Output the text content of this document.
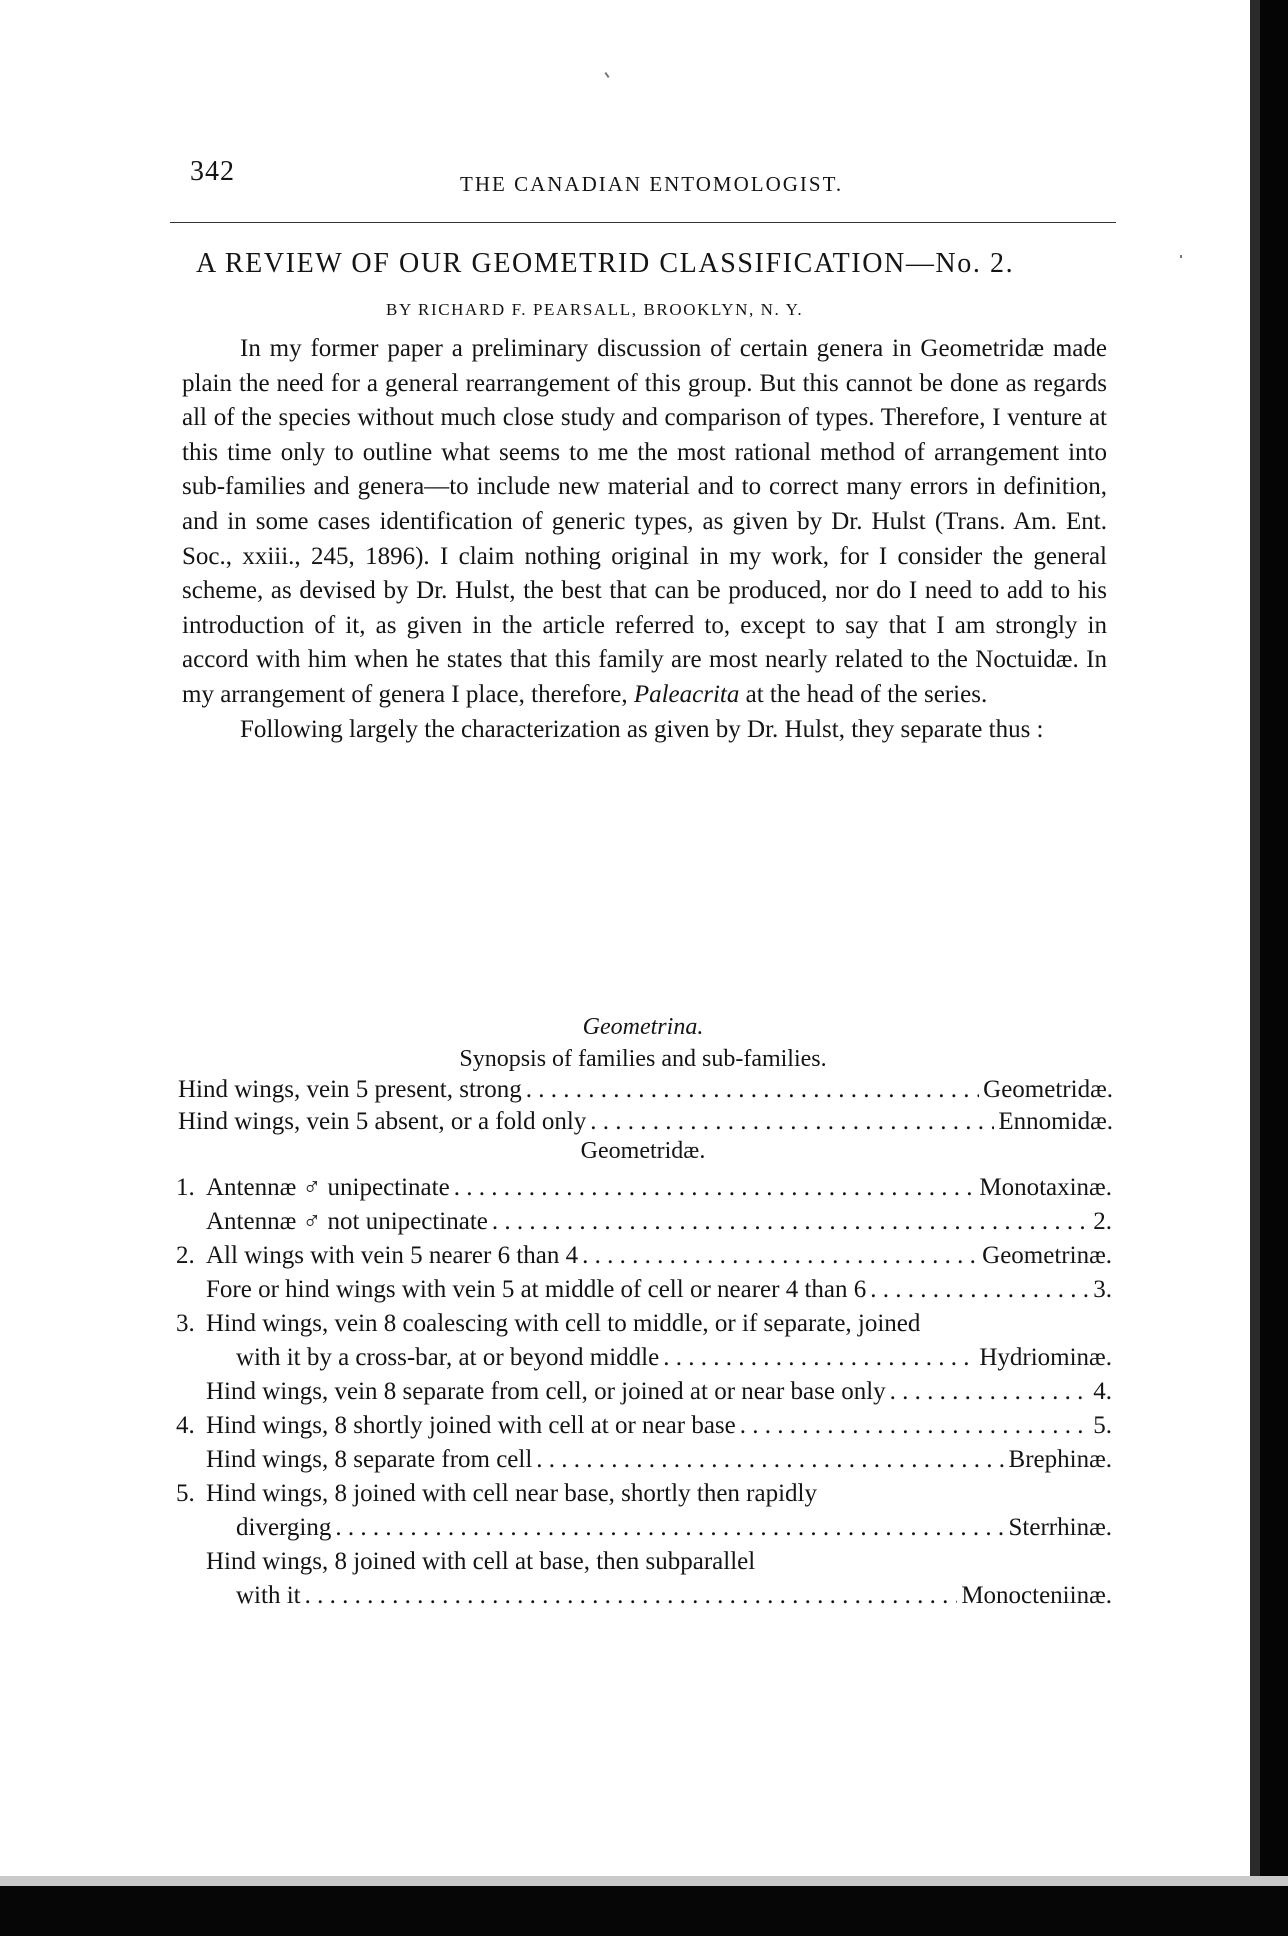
342	THE CANADIAN ENTOMOLOGIST.
A REVIEW OF OUR GEOMETRID CLASSIFICATION—No. 2.
BY RICHARD F. PEARSALL, BROOKLYN, N. Y.

In my former paper a preliminary discussion of certain genera in Geometridæ made plain the need for a general rearrangement of this group. But this cannot be done as regards all of the species without much close study and comparison of types. Therefore, I venture at this time only to outline what seems to me the most rational method of arrangement into sub-families and genera—to include new material and to correct many errors in definition, and in some cases identification of generic types, as given by Dr. Hulst (Trans. Am. Ent. Soc., xxiii., 245, 1896). I claim nothing original in my work, for I consider the general scheme, as devised by Dr. Hulst, the best that can be produced, nor do I need to add to his introduction of it, as given in the article referred to, except to say that I am strongly in accord with him when he states that this family are most nearly related to the Noctuidæ. In my arrangement of genera I place, therefore, Paleacrita at the head of the series.

Following largely the characterization as given by Dr. Hulst, they separate thus :

Geometrina.
Synopsis of families and sub-families.
Hind wings, vein 5 present, strong . . .	Geometridæ.
Hind wings, vein 5 absent, or a fold only . . .	Ennomidæ.
Geometridæ.
1. Antennæ ♂ unipectinate . . .	Monotaxinæ.
Antennæ ♂ not unipectinate . . .	2.
2. All wings with vein 5 nearer 6 than 4 . . .	Geometrinæ.
Fore or hind wings with vein 5 at middle of cell or nearer 4 than 6 . . .	3.
3. Hind wings, vein 8 coalescing with cell to middle, or if separate, joined
with it by a cross-bar, at or beyond middle . . .	Hydriominæ.
Hind wings, vein 8 separate from cell, or joined at or near base only . . .	4.
4. Hind wings, 8 shortly joined with cell at or near base . . .	5.
Hind wings, 8 separate from cell . . .	Brephinæ.
5. Hind wings, 8 joined with cell near base, shortly then rapidly
diverging . . .	Sterrhinæ.
Hind wings, 8 joined with cell at base, then subparallel
with it . . .	Monocteniinæ.
